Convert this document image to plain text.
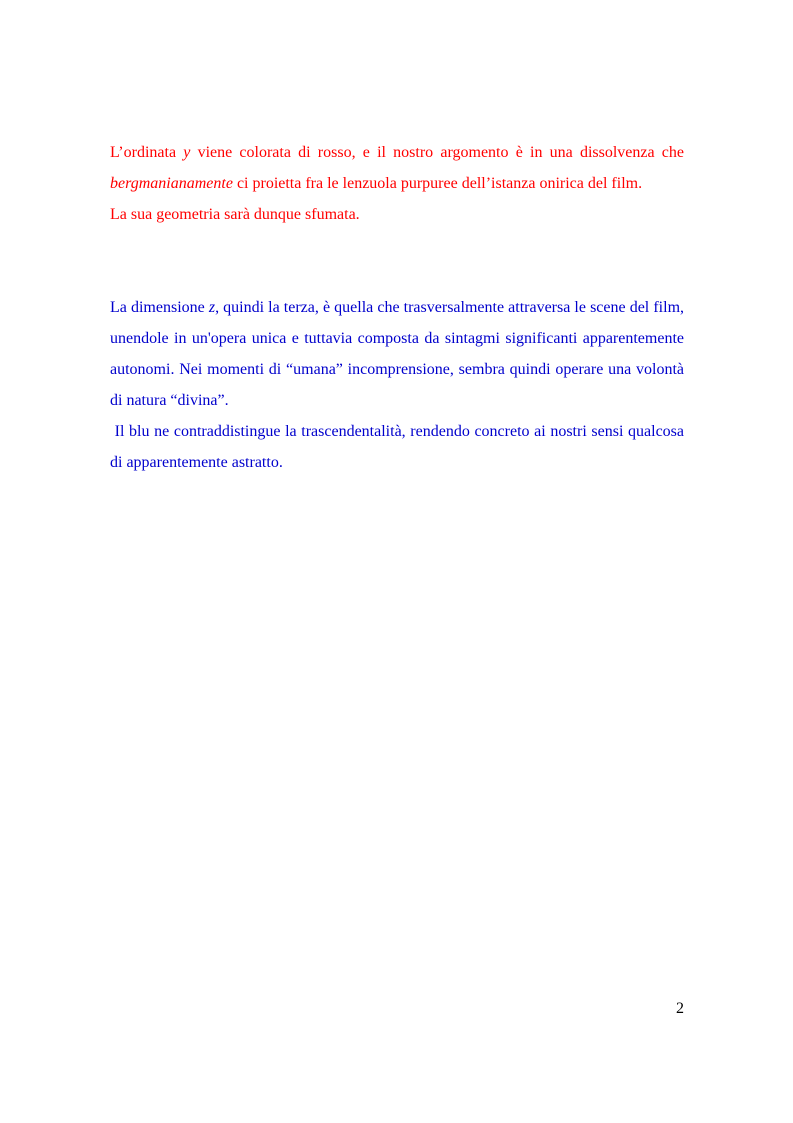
L’ordinata y viene colorata di rosso, e il nostro argomento è in una dissolvenza che bergmanianamente ci proietta fra le lenzuola purpuree dell’istanza onirica del film.

La sua geometria sarà dunque sfumata.

La dimensione z, quindi la terza, è quella che trasversalmente attraversa le scene del film, unendole in un'opera unica e tuttavia composta da sintagmi significanti apparentemente autonomi. Nei momenti di “umana” incomprensione, sembra quindi operare una volontà di natura “divina”.

Il blu ne contraddistingue la trascendentalità, rendendo concreto ai nostri sensi qualcosa di apparentemente astratto.

2
